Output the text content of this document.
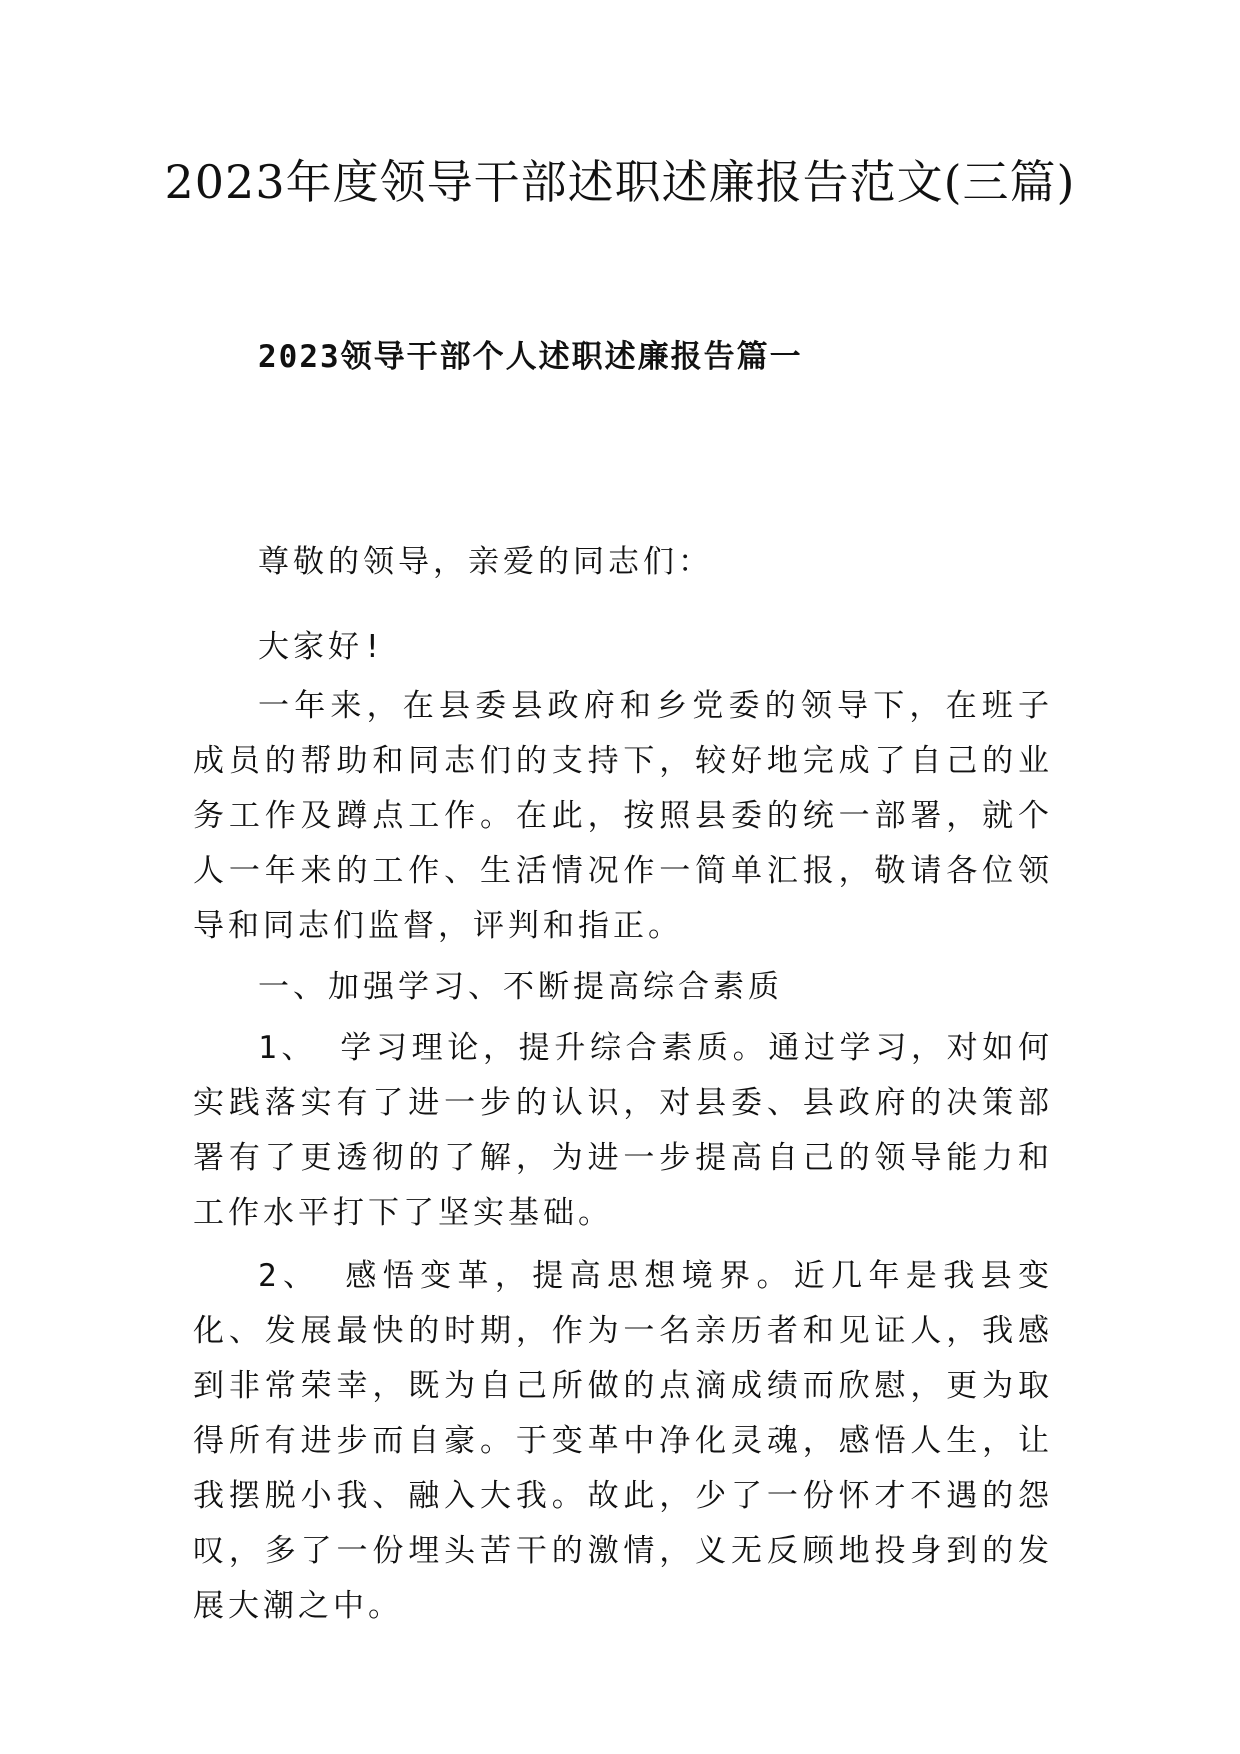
2023年度领导干部述职述廉报告范文(三篇)
2023领导干部个人述职述廉报告篇一

尊敬的领导，亲爱的同志们：

大家好!

一年来，在县委县政府和乡党委的领导下，在班子成员的帮助和同志们的支持下，较好地完成了自己的业务工作及蹲点工作。在此，按照县委的统一部署，就个人一年来的工作、生活情况作一简单汇报，敬请各位领导和同志们监督，评判和指正。

一、加强学习、不断提高综合素质

1、 学习理论，提升综合素质。通过学习，对如何实践落实有了进一步的认识，对县委、县政府的决策部署有了更透彻的了解，为进一步提高自己的领导能力和工作水平打下了坚实基础。

2、 感悟变革，提高思想境界。近几年是我县变化、发展最快的时期，作为一名亲历者和见证人，我感到非常荣幸，既为自己所做的点滴成绩而欣慰，更为取得所有进步而自豪。于变革中净化灵魂，感悟人生，让我摆脱小我、融入大我。故此，少了一份怀才不遇的怨叹，多了一份埋头苦干的激情，义无反顾地投身到的发展大潮之中。
